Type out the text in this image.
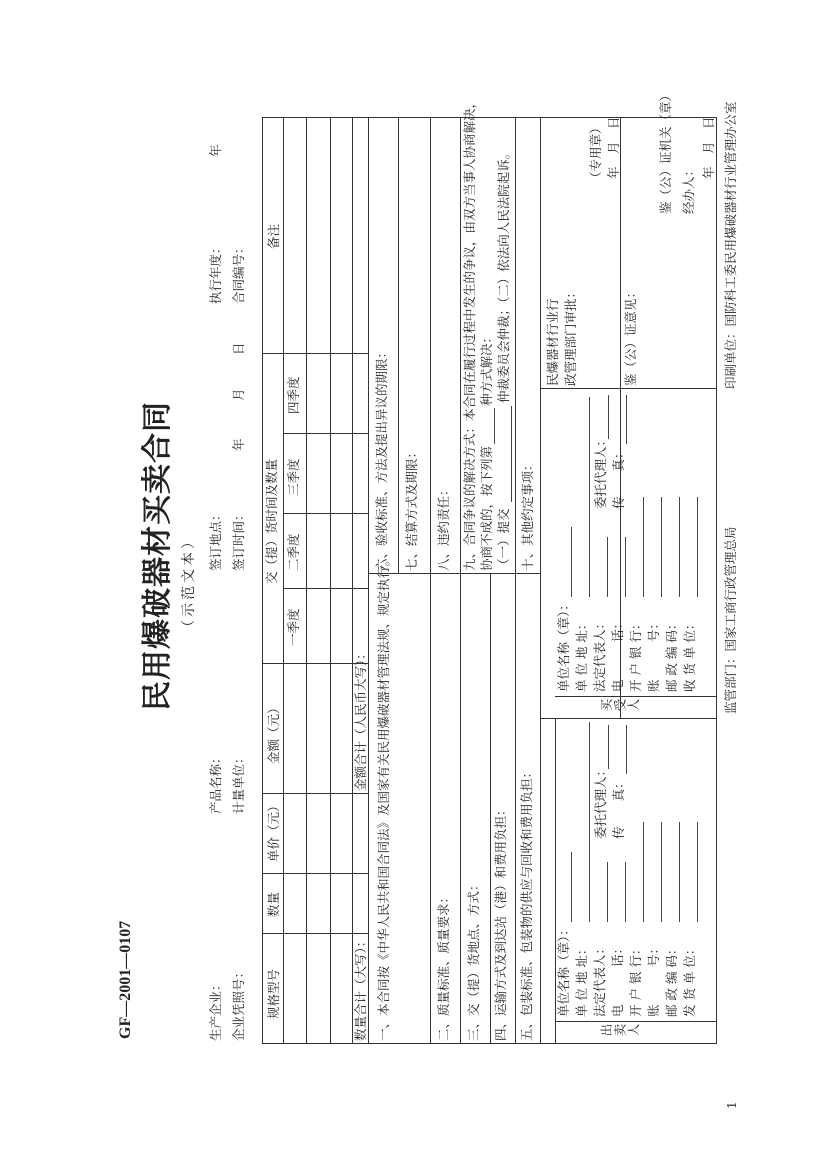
GF—2001—0107
民用爆破器材买卖合同 （示范文本）
生产企业： 企业凭照号：
产品名称： 计量单位：
签订地点： 签订时间：
年
月
日
执行年度：
年
合同编号：
规格型号
数量
单价（元）
金额（元）
交（提）货时间及数量
一季度
二季度
三季度
四季度
备注
数量合计（大写）：
金额合计（人民币大写）： 一、本合同按《中华人民共和国合同法》及国家有关民用爆破器材管理法规、规定执行。	二、质量标准、质量要求： 三、交（提）货地点、方式： 四、运输方式及到达站（港）和费用负担： 五、包装标准、包装物的供应与回收和费用负担：
六、验收标准、方法及提出异议的期限： 七、结算方式及期限： 八、违约责任： 九、合同争议的解决方式：本合同在履行过程中发生的争议，由双方当事人协商解决， 协商不成的，按下列第
种方式解决：
（一）提交
仲裁委员会仲裁；（二）依法向人民法院起诉。
十、其他约定事项：
出卖人
委托代理人： 传　　真：
买受人
委托代理人： 传　　真：
民爆器材行业行 政管理部门审批：
（专用章） 年　月　日
鉴（公）证意见：
鉴（公）证机关（章） 经办人：
年　月　日
监管部门：国家工商行政管理总局
印刷单位：国防科工委民用爆破器材行业管理办公室
1
单位名称（章）： 单 位 地 址： 法定代表人： 电　　　话： 开 户 银 行： 账　　　号： 邮 政 编 码： 发 货 单 位：
单位名称（章）： 单 位 地 址： 法定代表人： 电　　　话： 开 户 银 行： 账　　　号： 邮 政 编 码： 收 货 单 位：
